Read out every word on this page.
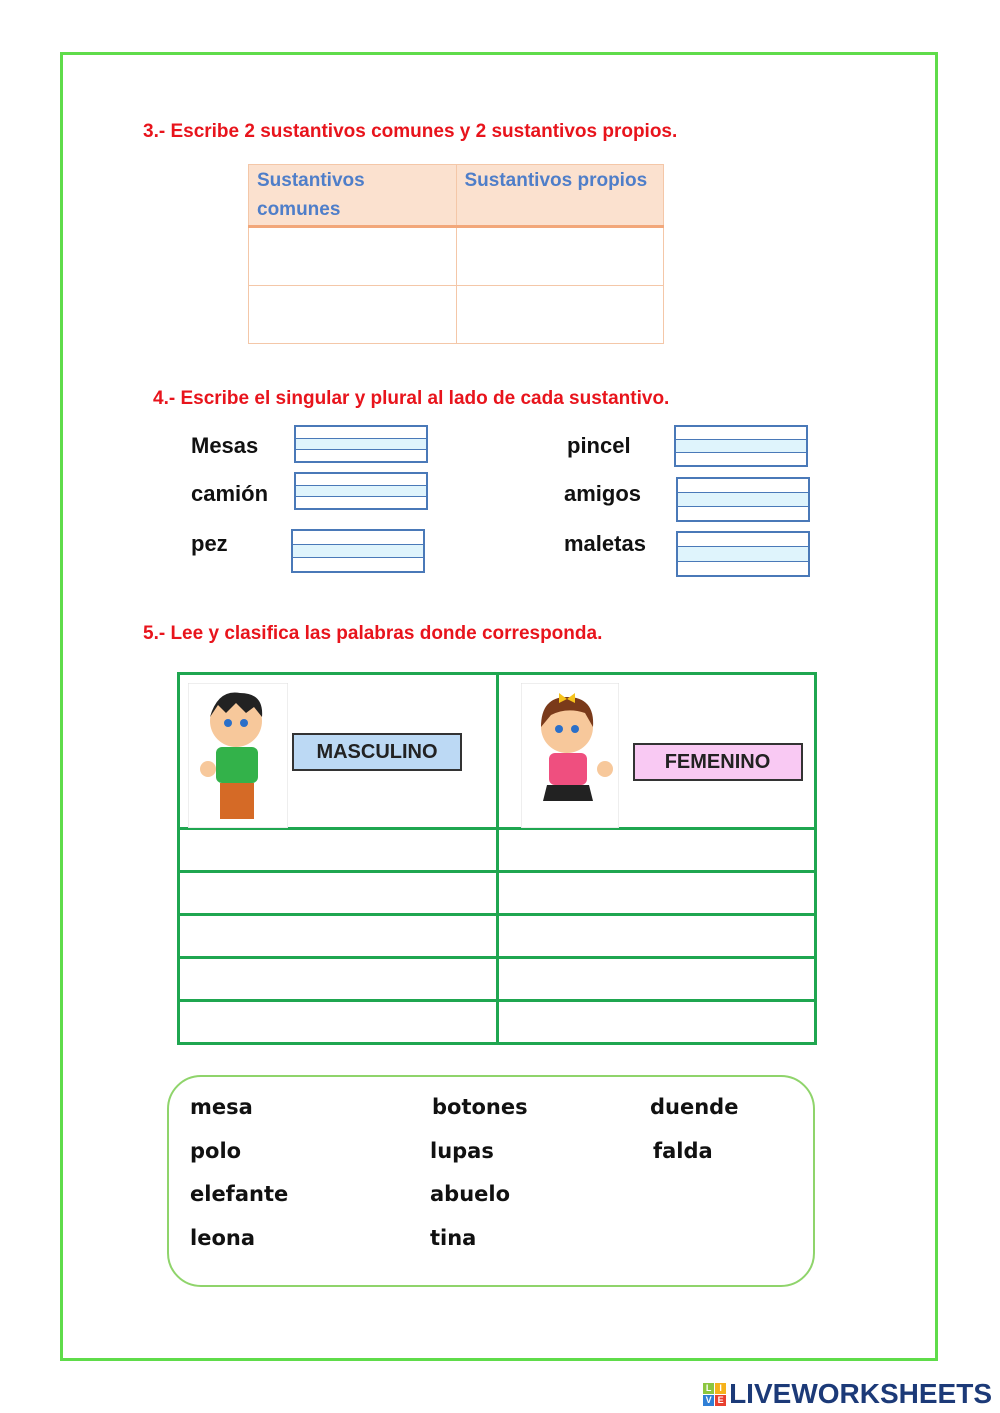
3.- Escribe 2 sustantivos comunes y 2 sustantivos propios.
Sustantivos comunes	Sustantivos propios

4.- Escribe el singular y plural al lado de cada sustantivo.
Mesas
camión
pez
pincel
amigos
maletas
5.- Lee y clasifica las palabras donde corresponda.
MASCULINO	FEMENINO

mesa	botones	duende
polo	lupas	falda
elefante	abuelo
leona	tina
L I
V E LIVEWORKSHEETS
